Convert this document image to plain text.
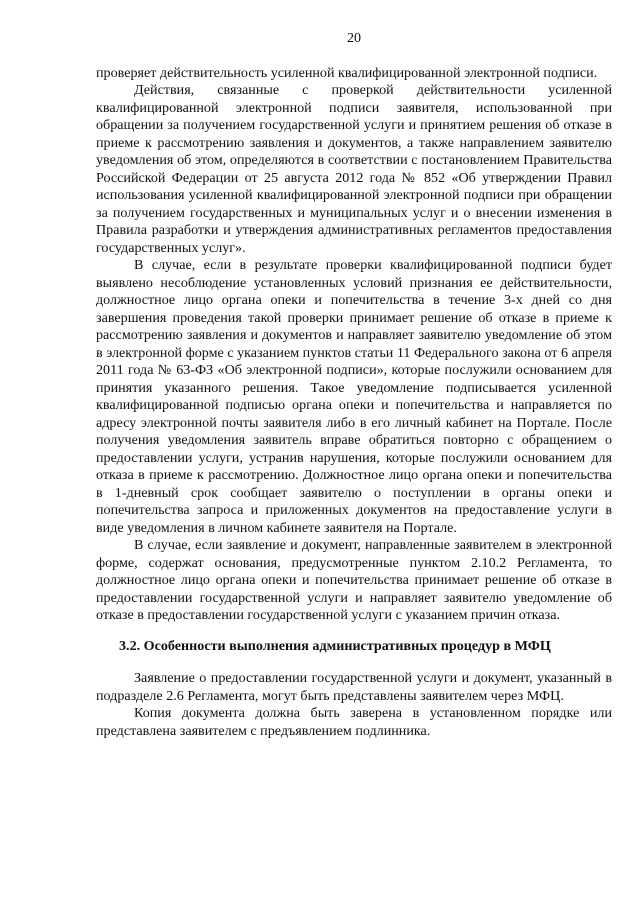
20

проверяет действительность усиленной квалифицированной электронной подписи.

Действия, связанные с проверкой действительности усиленной квалифицированной электронной подписи заявителя, использованной при обращении за получением государственной услуги и принятием решения об отказе в приеме к рассмотрению заявления и документов, а также направлением заявителю уведомления об этом, определяются в соответствии с постановлением Правительства Российской Федерации от 25 августа 2012 года № 852 «Об утверждении Правил использования усиленной квалифицированной электронной подписи при обращении за получением государственных и муниципальных услуг и о внесении изменения в Правила разработки и утверждения административных регламентов предоставления государственных услуг».

В случае, если в результате проверки квалифицированной подписи будет выявлено несоблюдение установленных условий признания ее действительности, должностное лицо органа опеки и попечительства в течение 3-х дней со дня завершения проведения такой проверки принимает решение об отказе в приеме к рассмотрению заявления и документов и направляет заявителю уведомление об этом в электронной форме с указанием пунктов статьи 11 Федерального закона от 6 апреля 2011 года № 63-ФЗ «Об электронной подписи», которые послужили основанием для принятия указанного решения. Такое уведомление подписывается усиленной квалифицированной подписью органа опеки и попечительства и направляется по адресу электронной почты заявителя либо в его личный кабинет на Портале. После получения уведомления заявитель вправе обратиться повторно с обращением о предоставлении услуги, устранив нарушения, которые послужили основанием для отказа в приеме к рассмотрению. Должностное лицо органа опеки и попечительства в 1-дневный срок сообщает заявителю о поступлении в органы опеки и попечительства запроса и приложенных документов на предоставление услуги в виде уведомления в личном кабинете заявителя на Портале.

В случае, если заявление и документ, направленные заявителем в электронной форме, содержат основания, предусмотренные пунктом 2.10.2 Регламента, то должностное лицо органа опеки и попечительства принимает решение об отказе в предоставлении государственной услуги и направляет заявителю уведомление об отказе в предоставлении государственной услуги с указанием причин отказа.

3.2. Особенности выполнения административных процедур в МФЦ

Заявление о предоставлении государственной услуги и документ, указанный в подразделе 2.6 Регламента, могут быть представлены заявителем через МФЦ.

Копия документа должна быть заверена в установленном порядке или представлена заявителем с предъявлением подлинника.
